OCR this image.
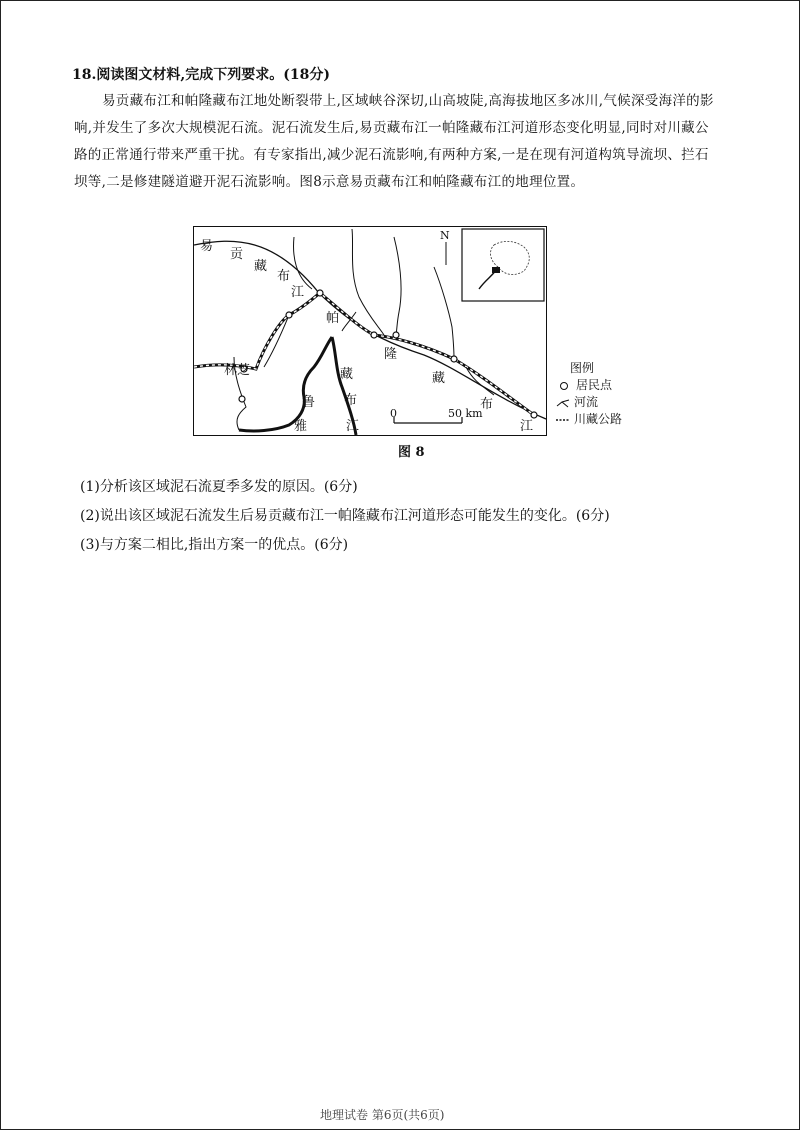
18.阅读图文材料,完成下列要求。(18分)
易贡藏布江和帕隆藏布江地处断裂带上,区域峡谷深切,山高坡陡,高海拔地区多冰川,气候深受海洋的影响,并发生了多次大规模泥石流。泥石流发生后,易贡藏布江一帕隆藏布江河道形态变化明显,同时对川藏公路的正常通行带来严重干扰。有专家指出,减少泥石流影响,有两种方案,一是在现有河道构筑导流坝、拦石坝等,二是修建隧道避开泥石流影响。图8示意易贡藏布江和帕隆藏布江的地理位置。
易
贡
藏
布
江
帕
隆
藏
布
江
藏
布
鲁
雅	江
林芝
N
0	50 km
图 8
图例
居民点
河流
川藏公路
(1)分析该区域泥石流夏季多发的原因。(6分)
(2)说出该区域泥石流发生后易贡藏布江一帕隆藏布江河道形态可能发生的变化。(6分)
(3)与方案二相比,指出方案一的优点。(6分)
地理试卷 第6页(共6页)
